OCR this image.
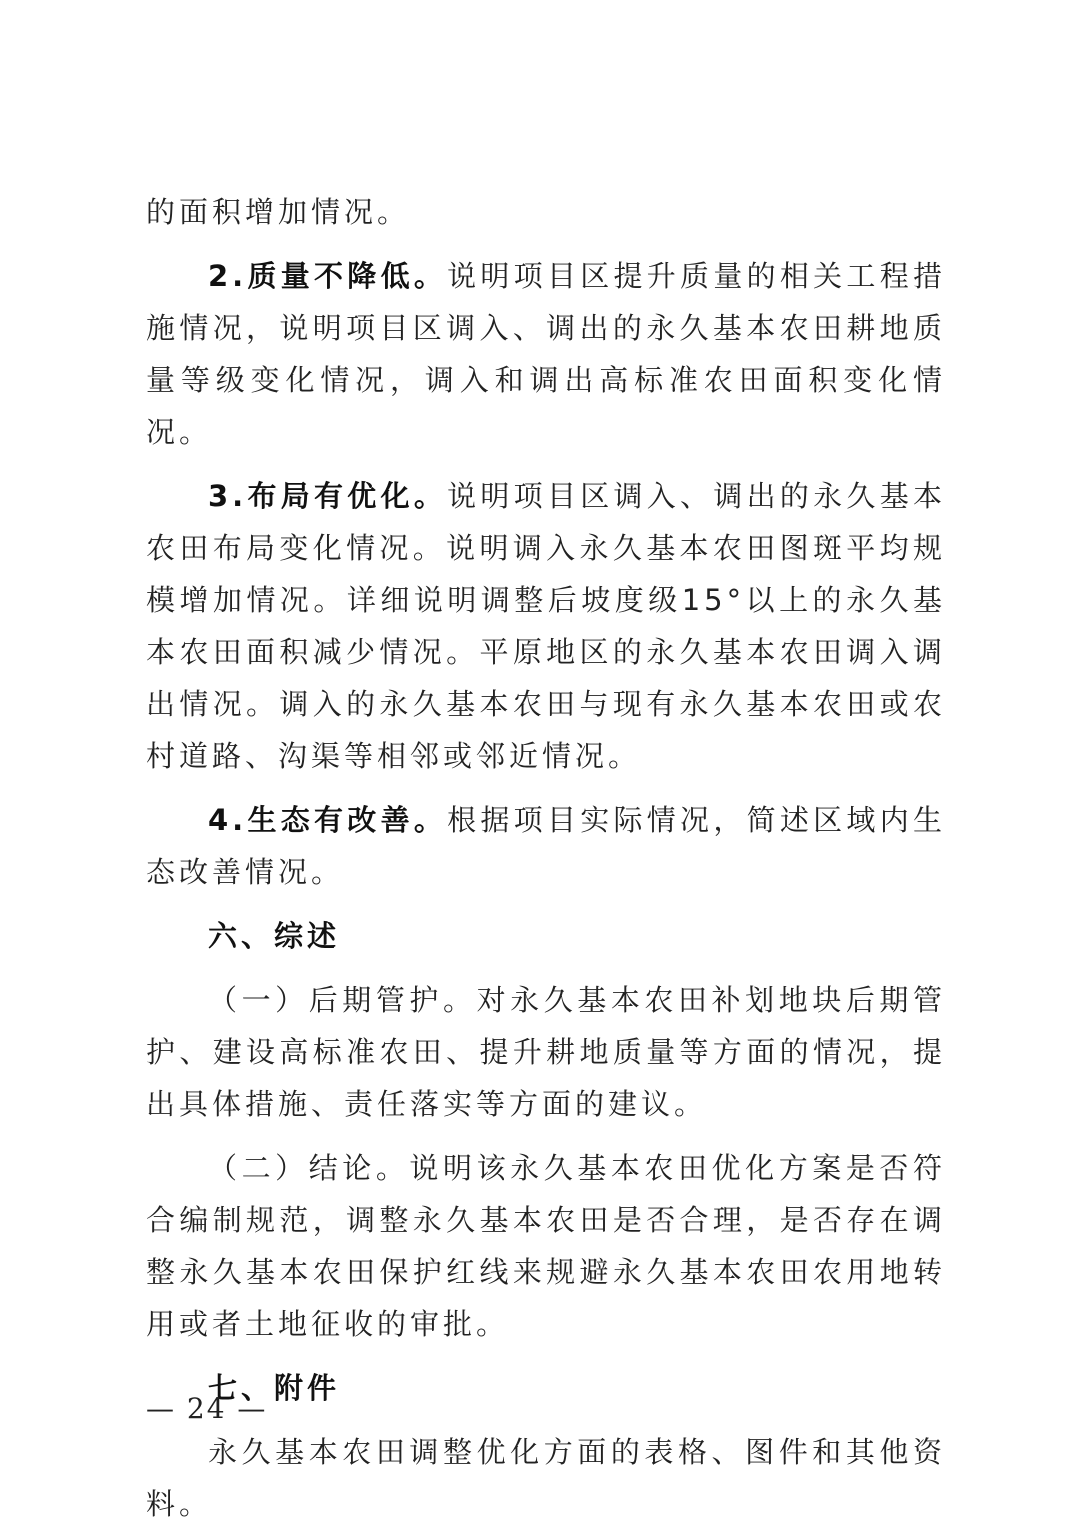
的面积增加情况。

2.质量不降低。说明项目区提升质量的相关工程措施情况，说明项目区调入、调出的永久基本农田耕地质量等级变化情况，调入和调出高标准农田面积变化情况。

3.布局有优化。说明项目区调入、调出的永久基本农田布局变化情况。说明调入永久基本农田图斑平均规模增加情况。详细说明调整后坡度级15°以上的永久基本农田面积减少情况。平原地区的永久基本农田调入调出情况。调入的永久基本农田与现有永久基本农田或农村道路、沟渠等相邻或邻近情况。

4.生态有改善。根据项目实际情况，简述区域内生态改善情况。

六、综述

（一）后期管护。对永久基本农田补划地块后期管护、建设高标准农田、提升耕地质量等方面的情况，提出具体措施、责任落实等方面的建议。

（二）结论。说明该永久基本农田优化方案是否符合编制规范，调整永久基本农田是否合理，是否存在调整永久基本农田保护红线来规避永久基本农田农用地转用或者土地征收的审批。

七、附件

永久基本农田调整优化方面的表格、图件和其他资料。

— 24 —
